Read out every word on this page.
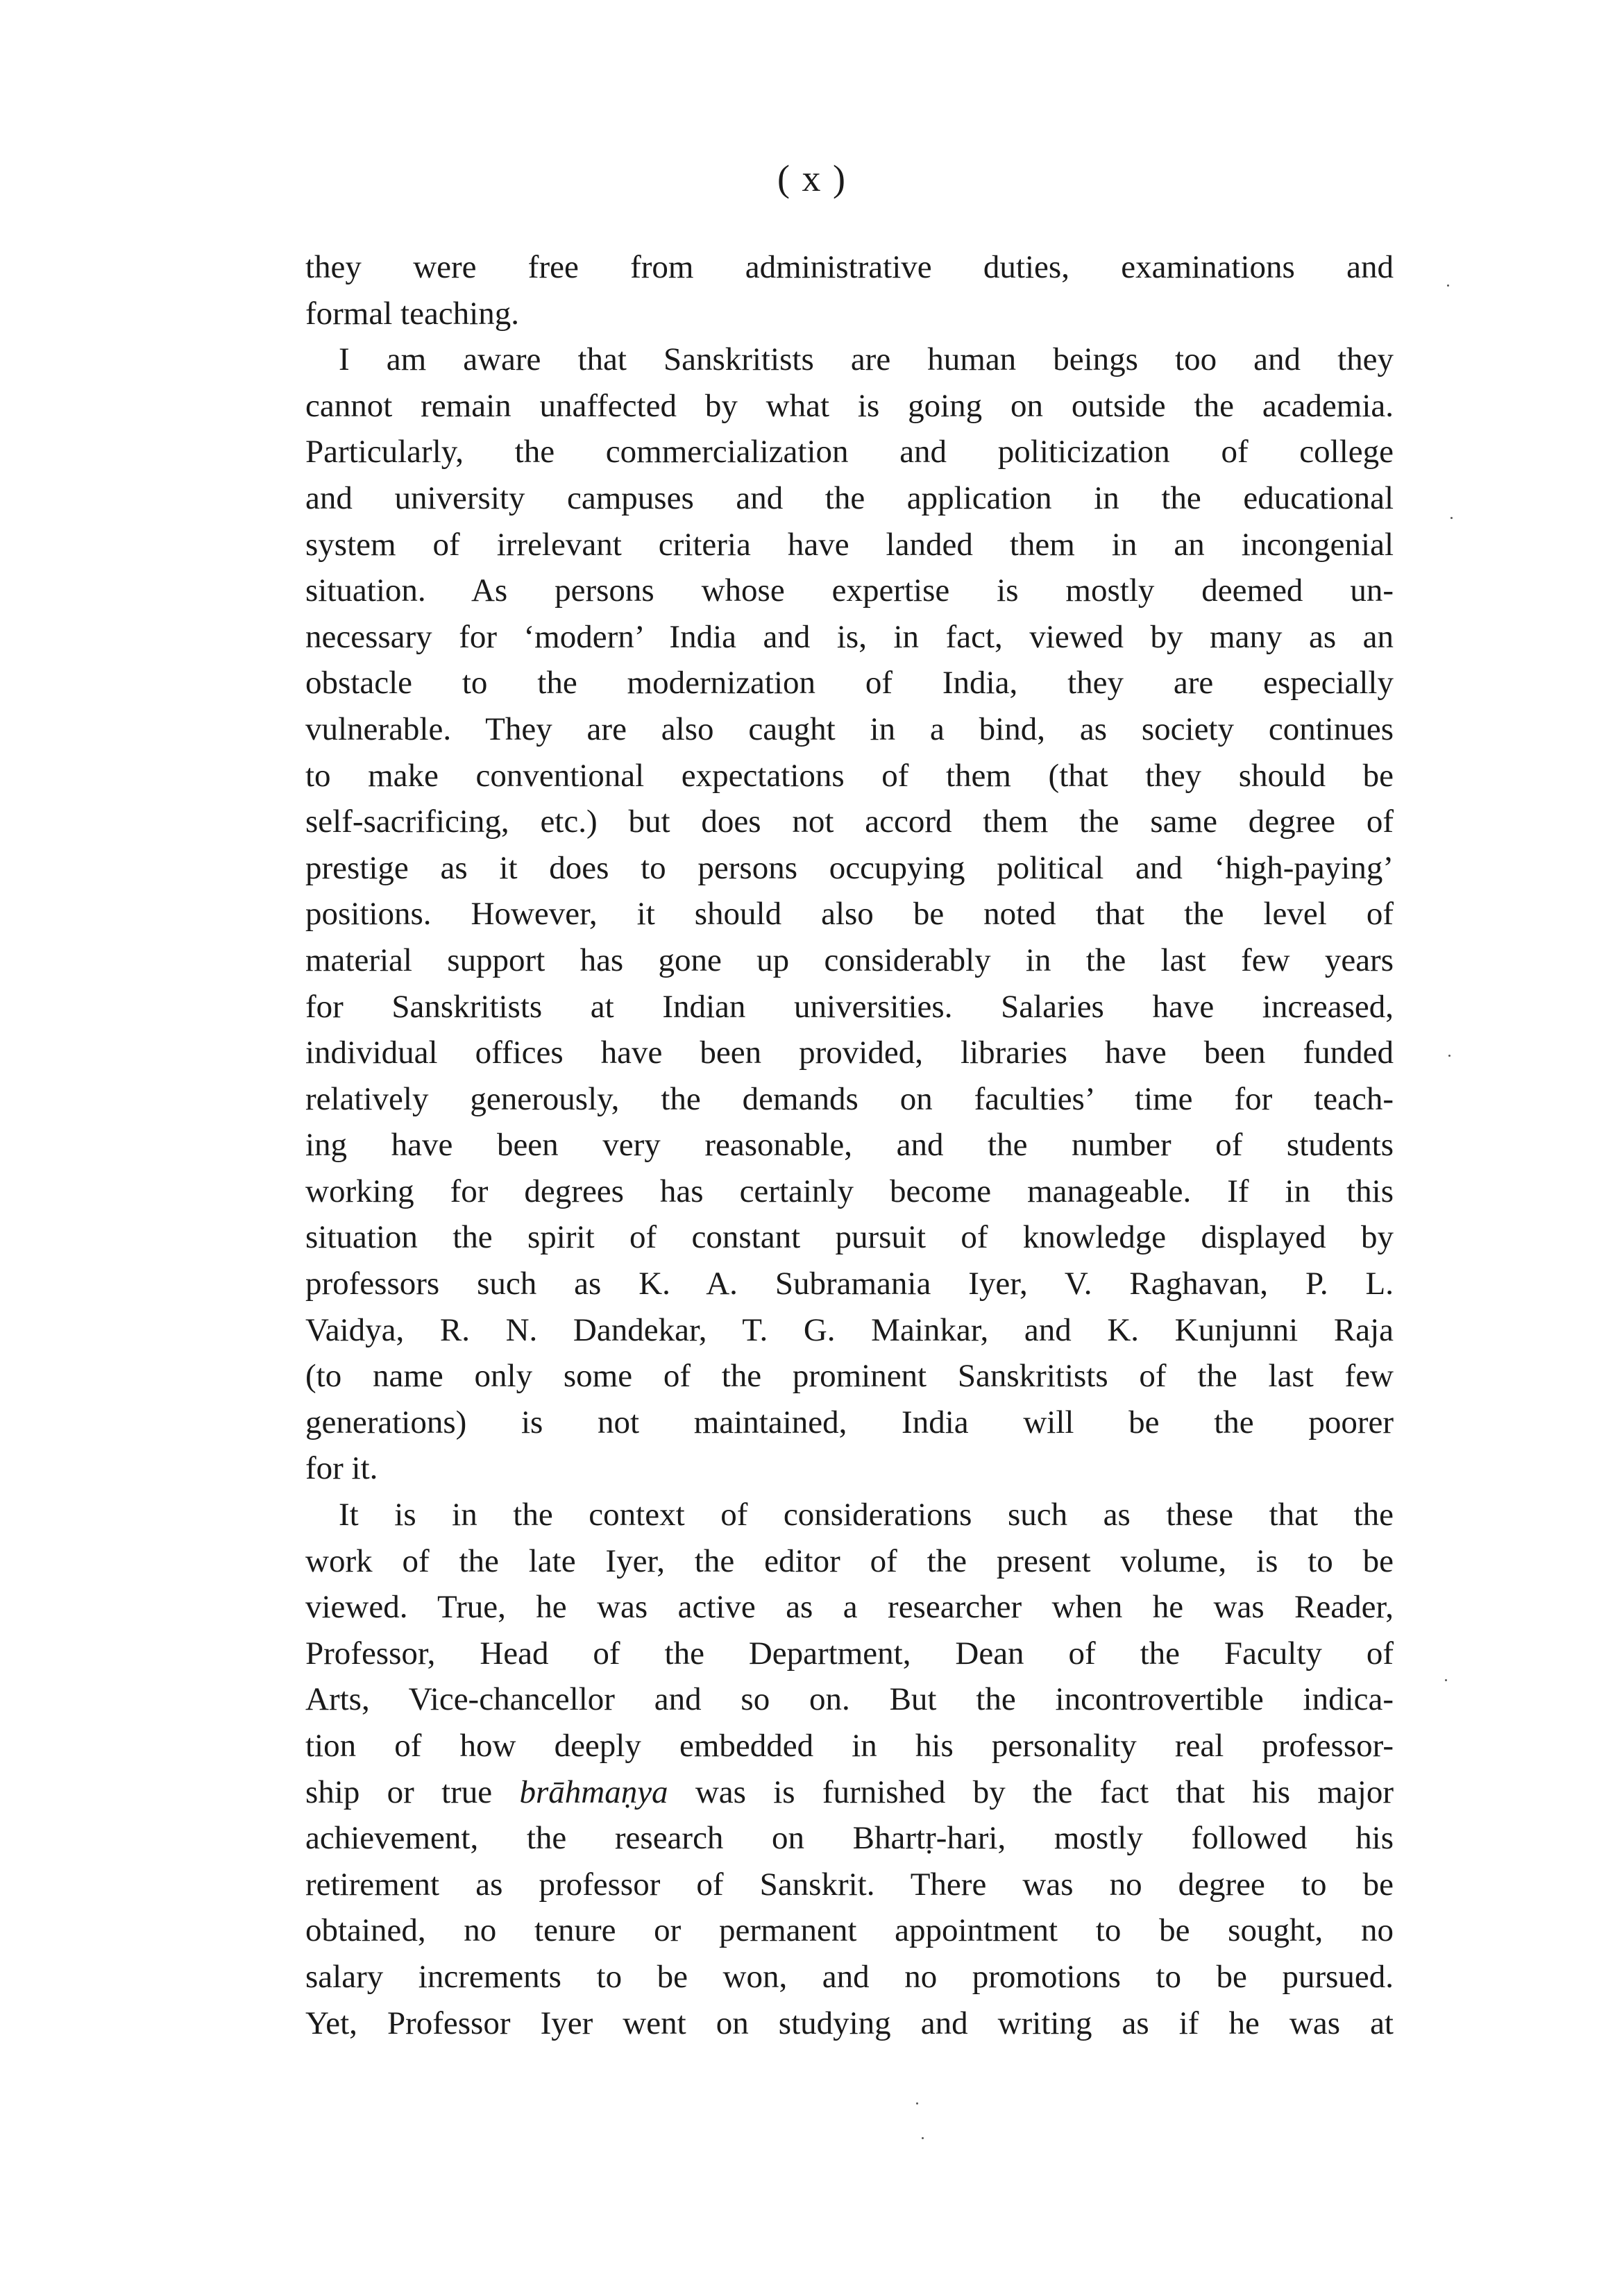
( x )
they were free from administrative duties, examinations and
formal teaching.
I am aware that Sanskritists are human beings too and they
cannot remain unaffected by what is going on outside the academia.
Particularly, the commercialization and politicization of college
and university campuses and the application in the educational
system of irrelevant criteria have landed them in an incongenial
situation. As persons whose expertise is mostly deemed un-
necessary for ‘modern’ India and is, in fact, viewed by many as an
obstacle to the modernization of India, they are especially
vulnerable. They are also caught in a bind, as society continues
to make conventional expectations of them (that they should be
self-sacrificing, etc.) but does not accord them the same degree of
prestige as it does to persons occupying political and ‘high-paying’
positions. However, it should also be noted that the level of
material support has gone up considerably in the last few years
for Sanskritists at Indian universities. Salaries have increased,
individual offices have been provided, libraries have been funded
relatively generously, the demands on faculties’ time for teach-
ing have been very reasonable, and the number of students
working for degrees has certainly become manageable. If in this
situation the spirit of constant pursuit of knowledge displayed by
professors such as K. A. Subramania Iyer, V. Raghavan, P. L.
Vaidya, R. N. Dandekar, T. G. Mainkar, and K. Kunjunni Raja
(to name only some of the prominent Sanskritists of the last few
generations) is not maintained, India will be the poorer
for it.
It is in the context of considerations such as these that the
work of the late Iyer, the editor of the present volume, is to be
viewed. True, he was active as a researcher when he was Reader,
Professor, Head of the Department, Dean of the Faculty of
Arts, Vice-chancellor and so on. But the incontrovertible indica-
tion of how deeply embedded in his personality real professor-
ship or true brāhmaṇya was is furnished by the fact that his major
achievement, the research on Bhartṛ-hari, mostly followed his
retirement as professor of Sanskrit. There was no degree to be
obtained, no tenure or permanent appointment to be sought, no
salary increments to be won, and no promotions to be pursued.
Yet, Professor Iyer went on studying and writing as if he was at
